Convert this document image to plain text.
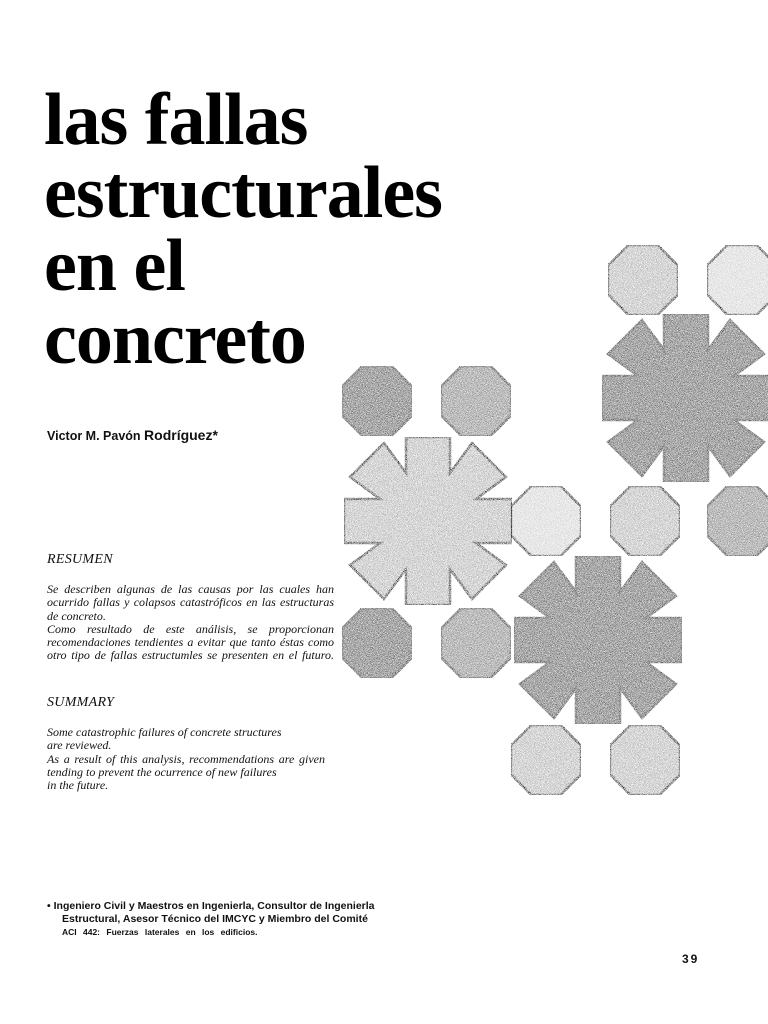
las fallas
estructurales
en el
concreto
Victor M. Pavón Rodríguez*
RESUMEN
Se describen algunas de las causas por las cuales han
ocurrido fallas y colapsos catastróficos en las estructuras
de concreto.
Como resultado de este análisis, se proporcionan
recomendaciones tendientes a evitar que tanto éstas como
otro tipo de fallas estructumles se presenten en el futuro.
SUMMARY
Some catastrophic failures of concrete structures
are reviewed.
As a result of this analysis, recommendations are given
tending to prevent the ocurrence of new failures
in the future.
• Ingeniero Civil y Maestros en Ingenierla, Consultor de Ingenierla
Estructural, Asesor Técnico del IMCYC y Miembro del Comité
ACI 442: Fuerzas laterales en los edificios.
39
